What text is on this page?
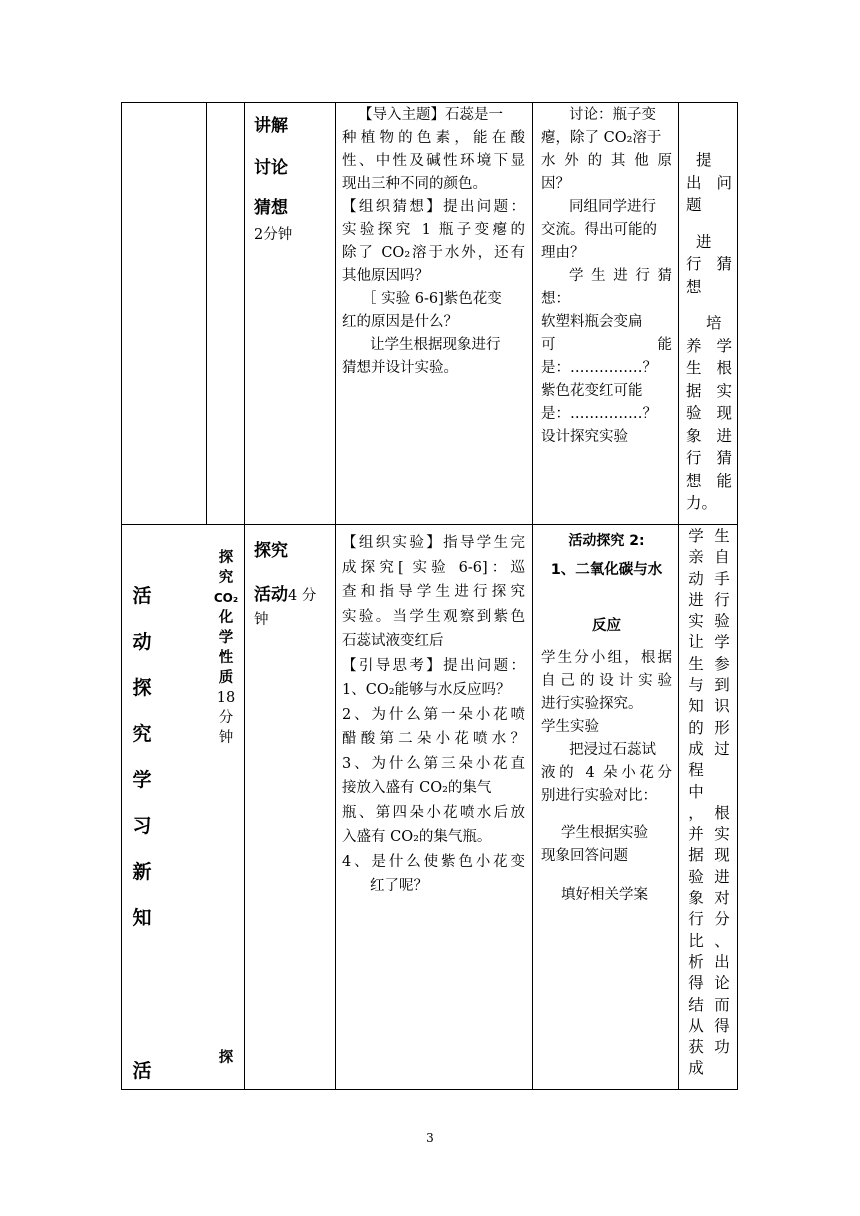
讲解
讨论
猜想
2分钟
【导入主题】石蕊是一
种植物的色素，能在酸
性、中性及碱性环境下显
现出三种不同的颜色。
【组织猜想】提出问题：
实验探究 1 瓶子变瘪的
除了 CO₂溶于水外，还有
其他原因吗？
［ 实验 6-6]紫色花变
红的原因是什么？
让学生根据现象进行
猜想并设计实验。
讨论：瓶子变
瘪，除了 CO₂溶于
水 外 的 其 他 原
因？
同组同学进行
交流。得出可能的
理由？
学 生 进 行 猜
想：
软塑料瓶会变扁
可　　　　能
是：……………？
紫色花变红可能
是：……………？
设计探究实验
提
出 问
题
进
行 猜
想
培
养 学
生 根
据 实
验 现
象 进
行 猜
想 能
力。
活
动
探
究
学
习
新
知
活
探
究
CO₂
化
学
性
质
18
分
钟
探
探究
活动4 分
钟
【组织实验】指导学生完
成探究[ 实验 6-6]：巡
查和指导学生进行探究
实验。当学生观察到紫色
石蕊试液变红后
【引导思考】提出问题：
1、CO₂能够与水反应吗？
2、为什么第一朵小花喷
醋酸第二朵小花喷水？
3、为什么第三朵小花直
接放入盛有 CO₂的集气
瓶、第四朵小花喷水后放
入盛有 CO₂的集气瓶。
4、是什么使紫色小花变
红了呢？
活动探究 2:
1、二氧化碳与水
反应
学生分小组，根据
自己的设计实验
进行实验探究。
学生实验
把浸过石蕊试
液的 4 朵小花分
别进行实验对比：
学生根据实验
现象回答问题
填好相关学案
学
亲
动
进
实
让
生
与
知
的
成
程
中
，
并
据
验
象
行
比
析
得
结
从
获
成
生
自
手
行
验
学
参
到
识
形
过
根
实
现
进
对
分
、
出
论
而
得
功
3
